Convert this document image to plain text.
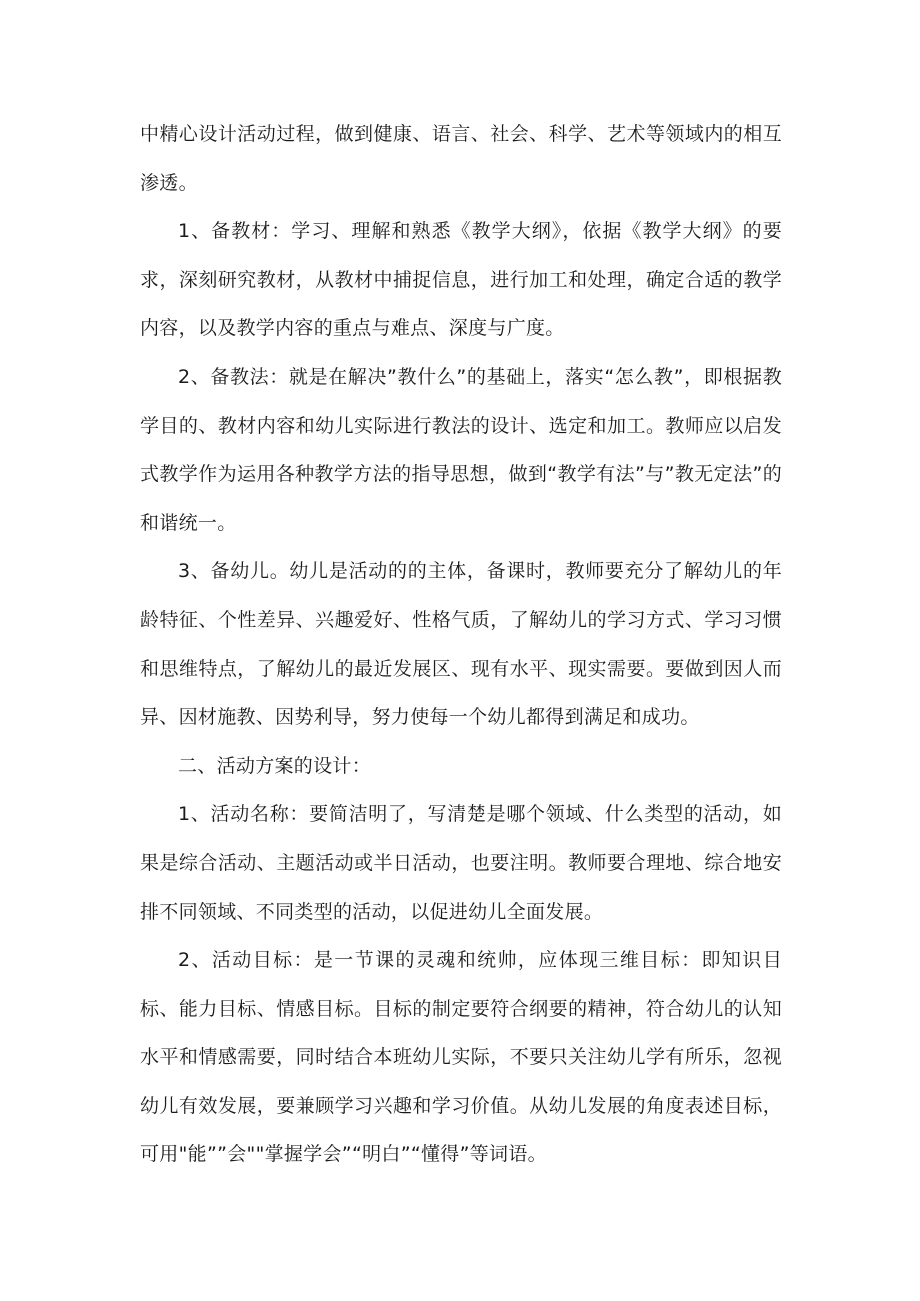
中精心设计活动过程，做到健康、语言、社会、科学、艺术等领域内的相互渗透。

1、备教材：学习、理解和熟悉《教学大纲》，依据《教学大纲》的要求，深刻研究教材，从教材中捕捉信息，进行加工和处理，确定合适的教学内容，以及教学内容的重点与难点、深度与广度。

2、备教法：就是在解决”教什么”的基础上，落实“怎么教”，即根据教学目的、教材内容和幼儿实际进行教法的设计、选定和加工。教师应以启发式教学作为运用各种教学方法的指导思想，做到“教学有法”与”教无定法”的和谐统一。

3、备幼儿。幼儿是活动的的主体，备课时，教师要充分了解幼儿的年龄特征、个性差异、兴趣爱好、性格气质，了解幼儿的学习方式、学习习惯和思维特点，了解幼儿的最近发展区、现有水平、现实需要。要做到因人而异、因材施教、因势利导，努力使每一个幼儿都得到满足和成功。

二、活动方案的设计：

1、活动名称：要简洁明了，写清楚是哪个领域、什么类型的活动，如果是综合活动、主题活动或半日活动，也要注明。教师要合理地、综合地安排不同领域、不同类型的活动，以促进幼儿全面发展。

2、活动目标：是一节课的灵魂和统帅，应体现三维目标：即知识目标、能力目标、情感目标。目标的制定要符合纲要的精神，符合幼儿的认知水平和情感需要，同时结合本班幼儿实际，不要只关注幼儿学有所乐，忽视幼儿有效发展，要兼顾学习兴趣和学习价值。从幼儿发展的角度表述目标，可用"能””会""掌握学会”“明白”“懂得”等词语。
